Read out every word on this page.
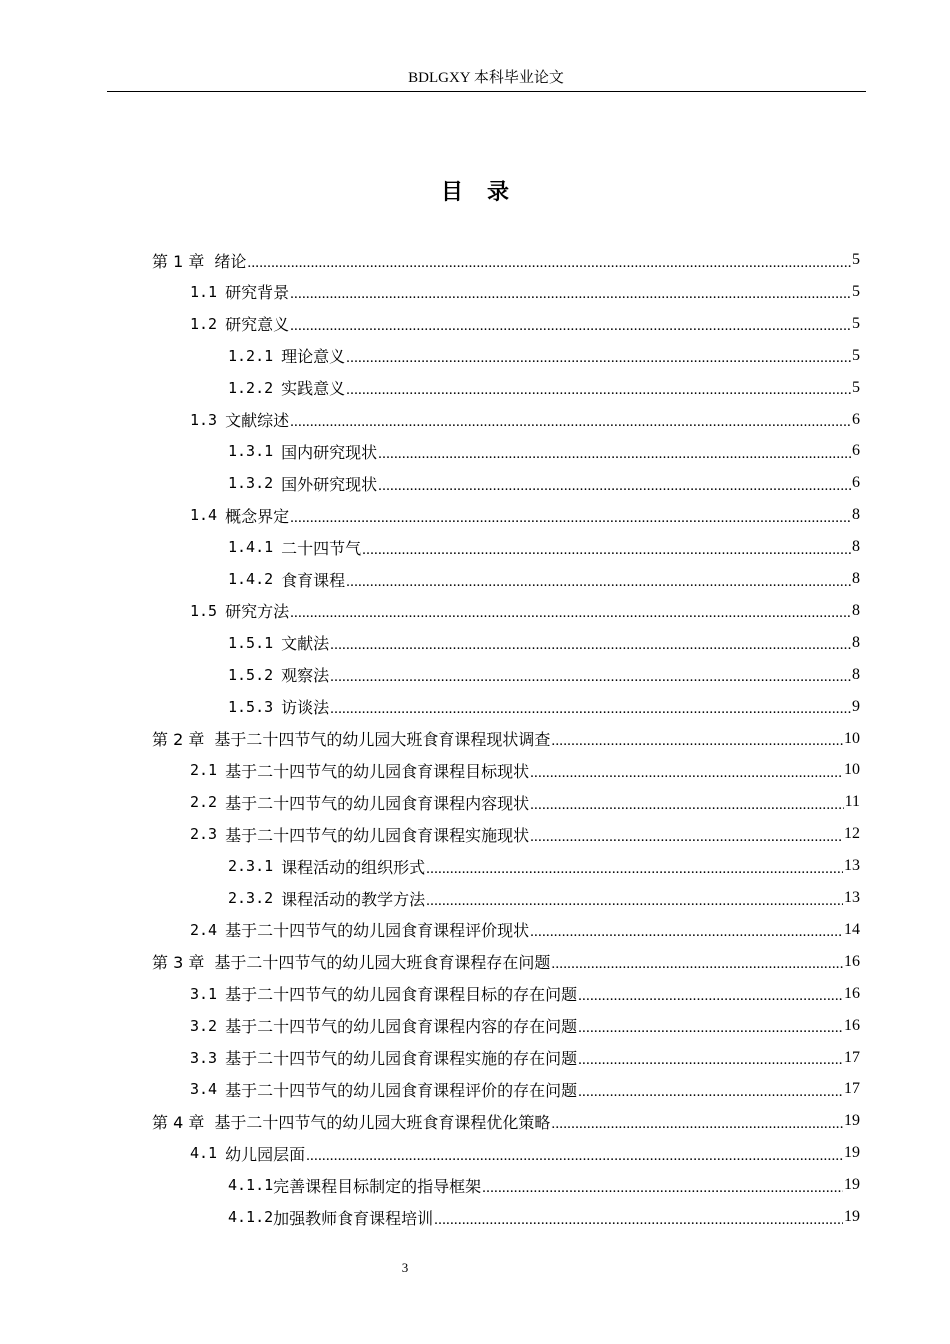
BDLGXY 本科毕业论文
目录
第 1 章 绪论 .....	5
1.1 研究背景 .....	5
1.2 研究意义 .....	5
1.2.1 理论意义 .....	5
1.2.2 实践意义 .....	5
1.3 文献综述 .....	6
1.3.1 国内研究现状 .....	6
1.3.2 国外研究现状 .....	6
1.4 概念界定 .....	8
1.4.1 二十四节气 .....	8
1.4.2 食育课程 .....	8
1.5 研究方法 .....	8
1.5.1 文献法 .....	8
1.5.2 观察法 .....	8
1.5.3 访谈法 .....	9
第 2 章 基于二十四节气的幼儿园大班食育课程现状调查 .....	10
2.1 基于二十四节气的幼儿园食育课程目标现状 .....	10
2.2 基于二十四节气的幼儿园食育课程内容现状 .....	11
2.3 基于二十四节气的幼儿园食育课程实施现状 .....	12
2.3.1 课程活动的组织形式 .....	13
2.3.2 课程活动的教学方法 .....	13
2.4 基于二十四节气的幼儿园食育课程评价现状 .....	14
第 3 章 基于二十四节气的幼儿园大班食育课程存在问题 .....	16
3.1 基于二十四节气的幼儿园食育课程目标的存在问题 .....	16
3.2 基于二十四节气的幼儿园食育课程内容的存在问题 .....	16
3.3 基于二十四节气的幼儿园食育课程实施的存在问题 .....	17
3.4 基于二十四节气的幼儿园食育课程评价的存在问题 .....	17
第 4 章 基于二十四节气的幼儿园大班食育课程优化策略 .....	19
4.1 幼儿园层面 .....	19
4.1.1 完善课程目标制定的指导框架 .....	19
4.1.2 加强教师食育课程培训 .....	19
3
